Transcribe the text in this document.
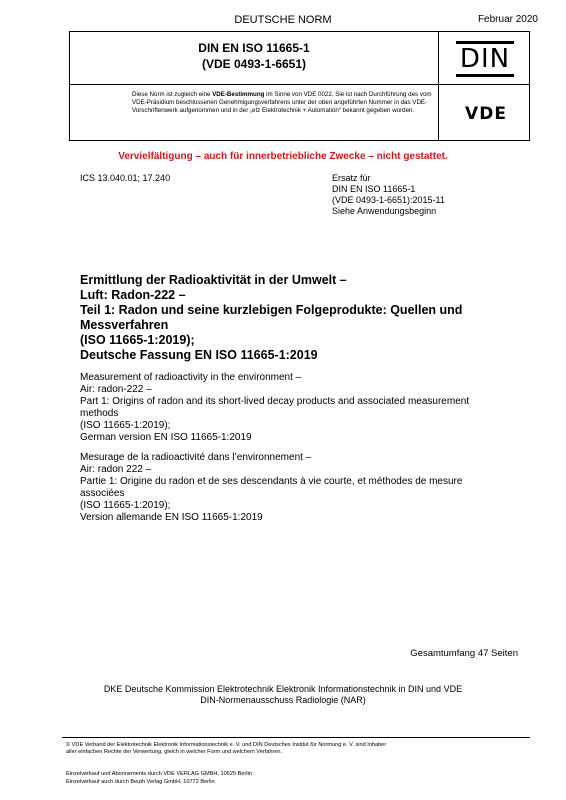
DEUTSCHE NORM	Februar 2020
DIN EN ISO 11665-1
(VDE 0493-1-6651)	DIN
Diese Norm ist zugleich eine VDE-Bestimmung im Sinne von VDE 0022. Sie ist nach Durchführung des vom VDE-Präsidium beschlossenen Genehmigungsverfahrens unter der oben angeführten Nummer in das VDE-Vorschriftenwerk aufgenommen und in der „etz Elektrotechnik + Automation“ bekannt gegeben worden.	VDE
Vervielfältigung – auch für innerbetriebliche Zwecke – nicht gestattet.
ICS 13.040.01; 17.240	Ersatz für
DIN EN ISO 11665-1
(VDE 0493-1-6651):2015-11
Siehe Anwendungsbeginn
Ermittlung der Radioaktivität in der Umwelt –
Luft: Radon-222 –
Teil 1: Radon und seine kurzlebigen Folgeprodukte: Quellen und
Messverfahren
(ISO 11665-1:2019);
Deutsche Fassung EN ISO 11665-1:2019
Measurement of radioactivity in the environment –
Air: radon-222 –
Part 1: Origins of radon and its short-lived decay products and associated measurement
methods
(ISO 11665-1:2019);
German version EN ISO 11665-1:2019
Mesurage de la radioactivité dans l’environnement –
Air: radon 222 –
Partie 1: Origine du radon et de ses descendants à vie courte, et méthodes de mesure
associées
(ISO 11665-1:2019);
Version allemande EN ISO 11665-1:2019
Gesamtumfang 47 Seiten
DKE Deutsche Kommission Elektrotechnik Elektronik Informationstechnik in DIN und VDE
DIN-Normenausschuss Radiologie (NAR)
© VDE Verband der Elektrotechnik Elektronik Informationstechnik e. V. und DIN Deutsches Institut für Normung e. V. sind Inhaber
aller einfachen Rechte der Verwertung, gleich in welcher Form und welchem Verfahren.
Einzelverkauf und Abonnements durch VDE VERLAG GMBH, 10625 Berlin
Einzelverkauf auch durch Beuth Verlag GmbH, 10772 Berlin
